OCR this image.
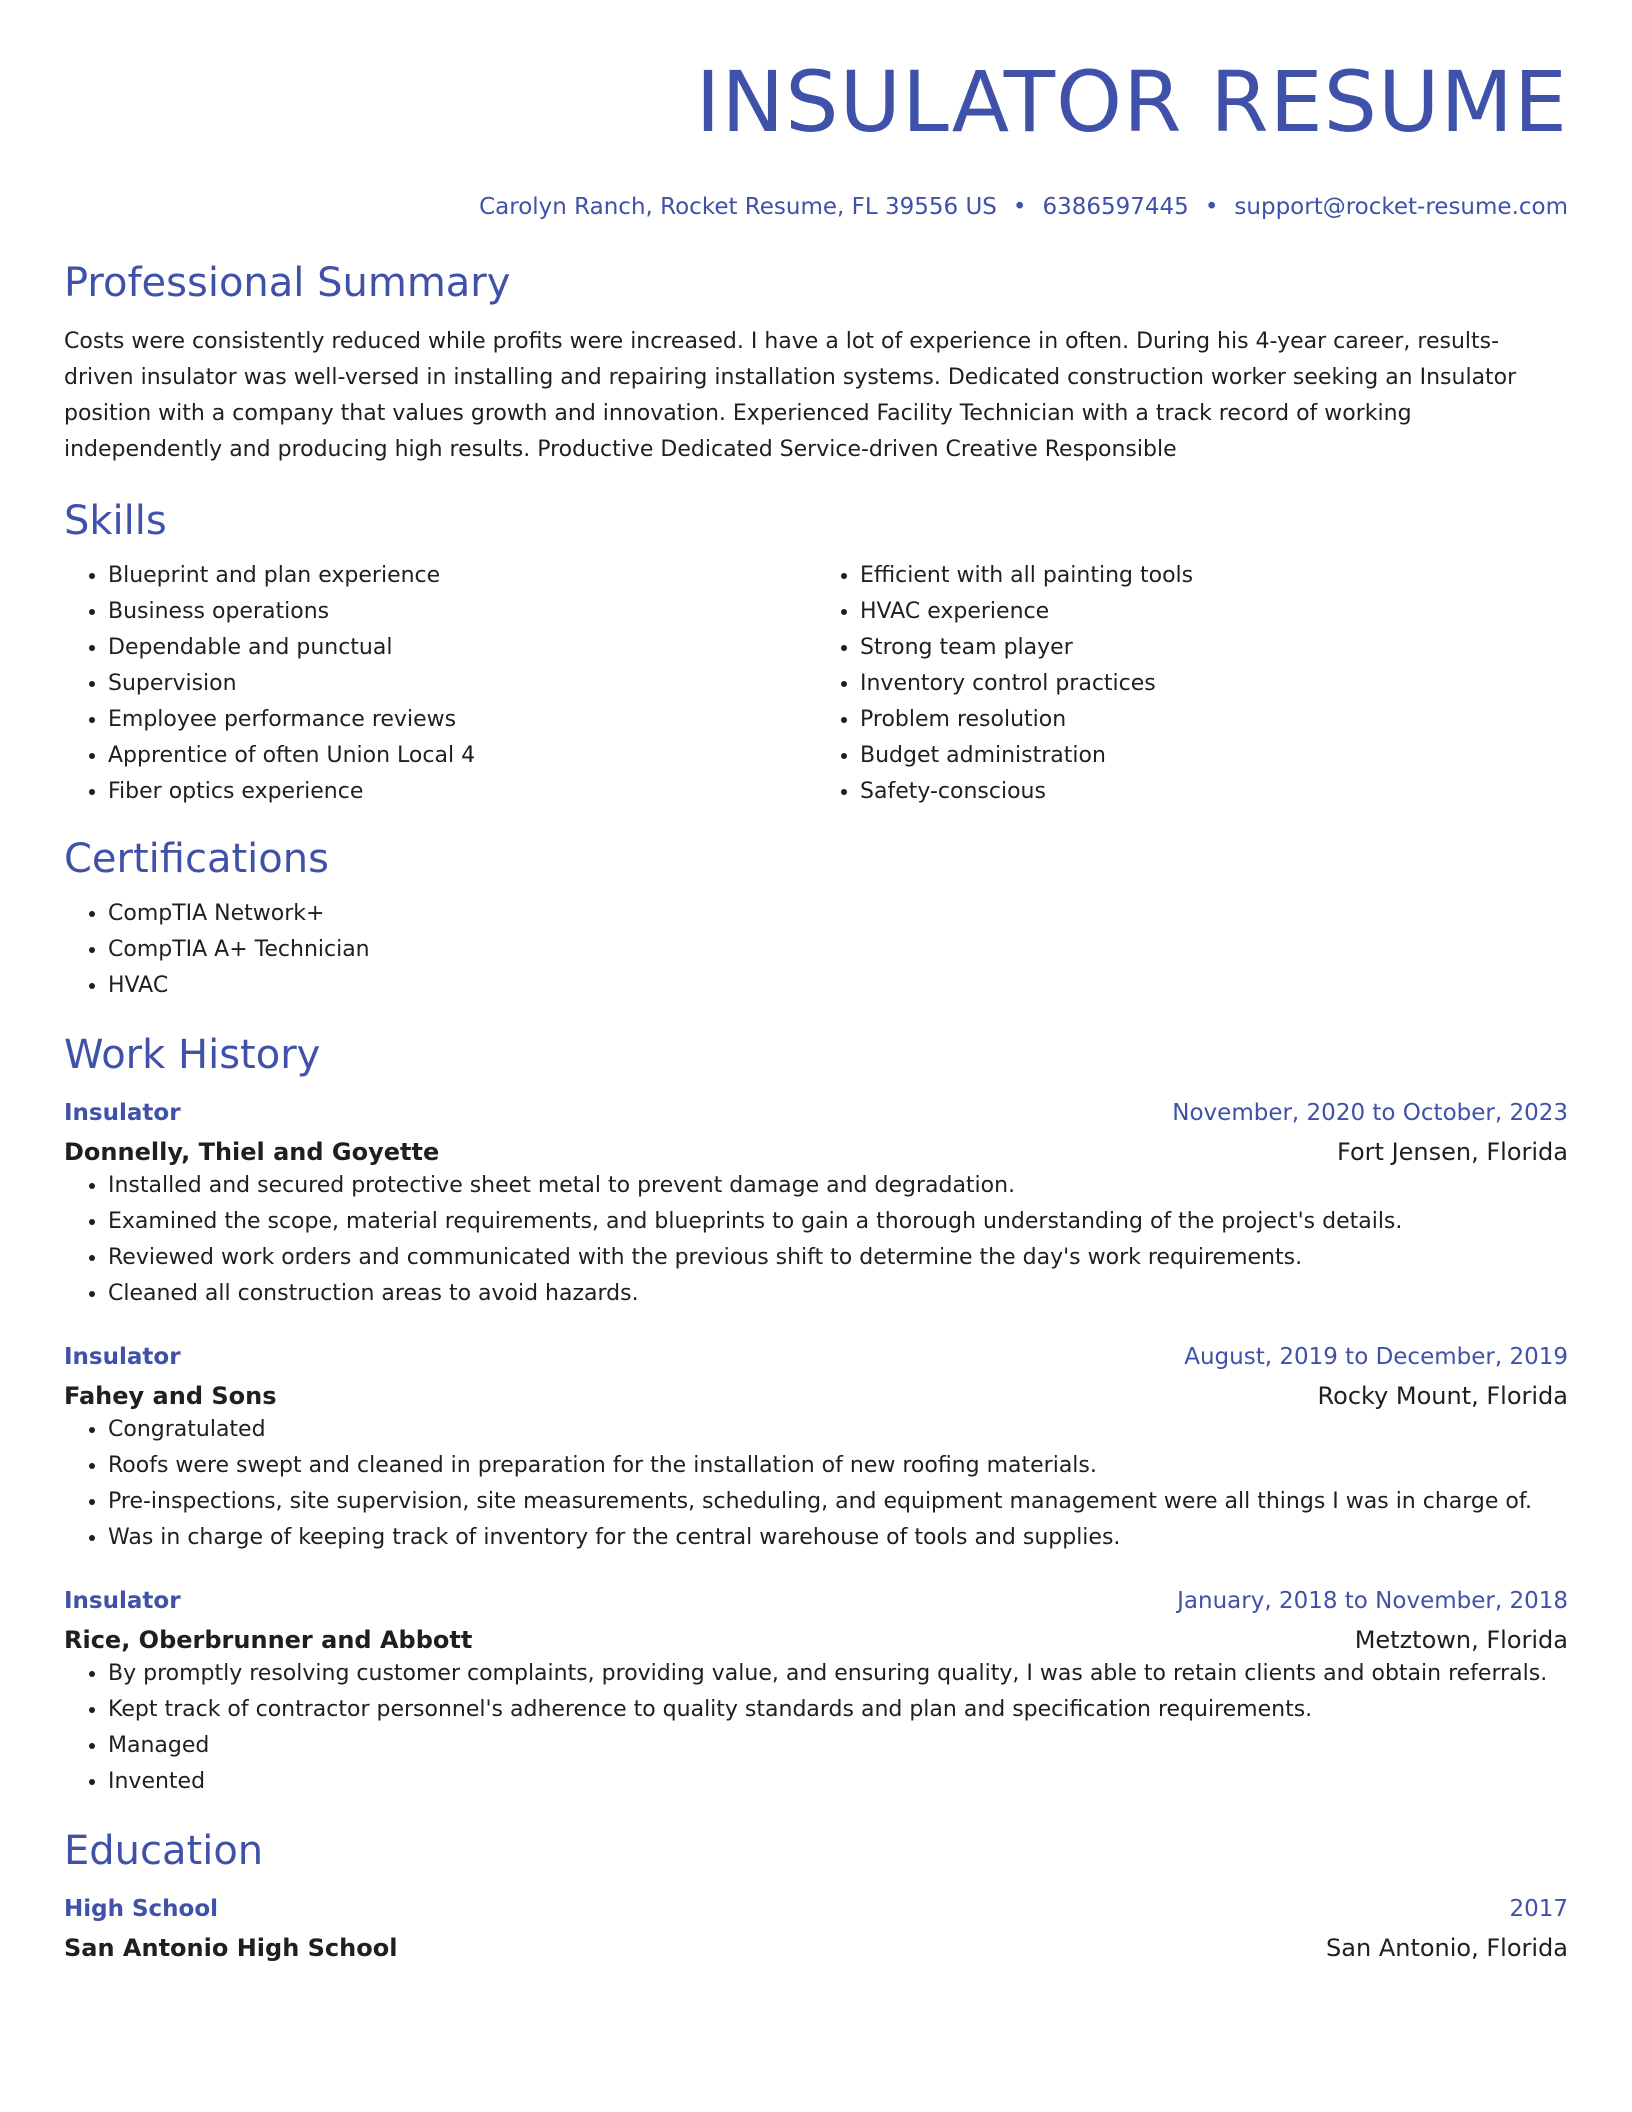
INSULATOR RESUME
Carolyn Ranch, Rocket Resume, FL 39556 US • 6386597445 • support@rocket-resume.com
Professional Summary

Costs were consistently reduced while profits were increased. I have a lot of experience in often. During his 4-year career, results-driven insulator was well-versed in installing and repairing installation systems. Dedicated construction worker seeking an Insulator position with a company that values growth and innovation. Experienced Facility Technician with a track record of working independently and producing high results. Productive Dedicated Service-driven Creative Responsible

Skills
• Blueprint and plan experience
• Business operations
• Dependable and punctual
• Supervision
• Employee performance reviews
• Apprentice of often Union Local 4
• Fiber optics experience
• Efficient with all painting tools
• HVAC experience
• Strong team player
• Inventory control practices
• Problem resolution
• Budget administration
• Safety-conscious
Certifications
• CompTIA Network+
• CompTIA A+ Technician
• HVAC
Work History
Insulator	November, 2020 to October, 2023
Donnelly, Thiel and Goyette	Fort Jensen, Florida
• Installed and secured protective sheet metal to prevent damage and degradation.
• Examined the scope, material requirements, and blueprints to gain a thorough understanding of the project's details.
• Reviewed work orders and communicated with the previous shift to determine the day's work requirements.
• Cleaned all construction areas to avoid hazards.
Insulator	August, 2019 to December, 2019
Fahey and Sons	Rocky Mount, Florida
• Congratulated
• Roofs were swept and cleaned in preparation for the installation of new roofing materials.
• Pre-inspections, site supervision, site measurements, scheduling, and equipment management were all things I was in charge of.
• Was in charge of keeping track of inventory for the central warehouse of tools and supplies.
Insulator	January, 2018 to November, 2018
Rice, Oberbrunner and Abbott	Metztown, Florida
• By promptly resolving customer complaints, providing value, and ensuring quality, I was able to retain clients and obtain referrals.
• Kept track of contractor personnel's adherence to quality standards and plan and specification requirements.
• Managed
• Invented
Education
High School	2017
San Antonio High School	San Antonio, Florida
